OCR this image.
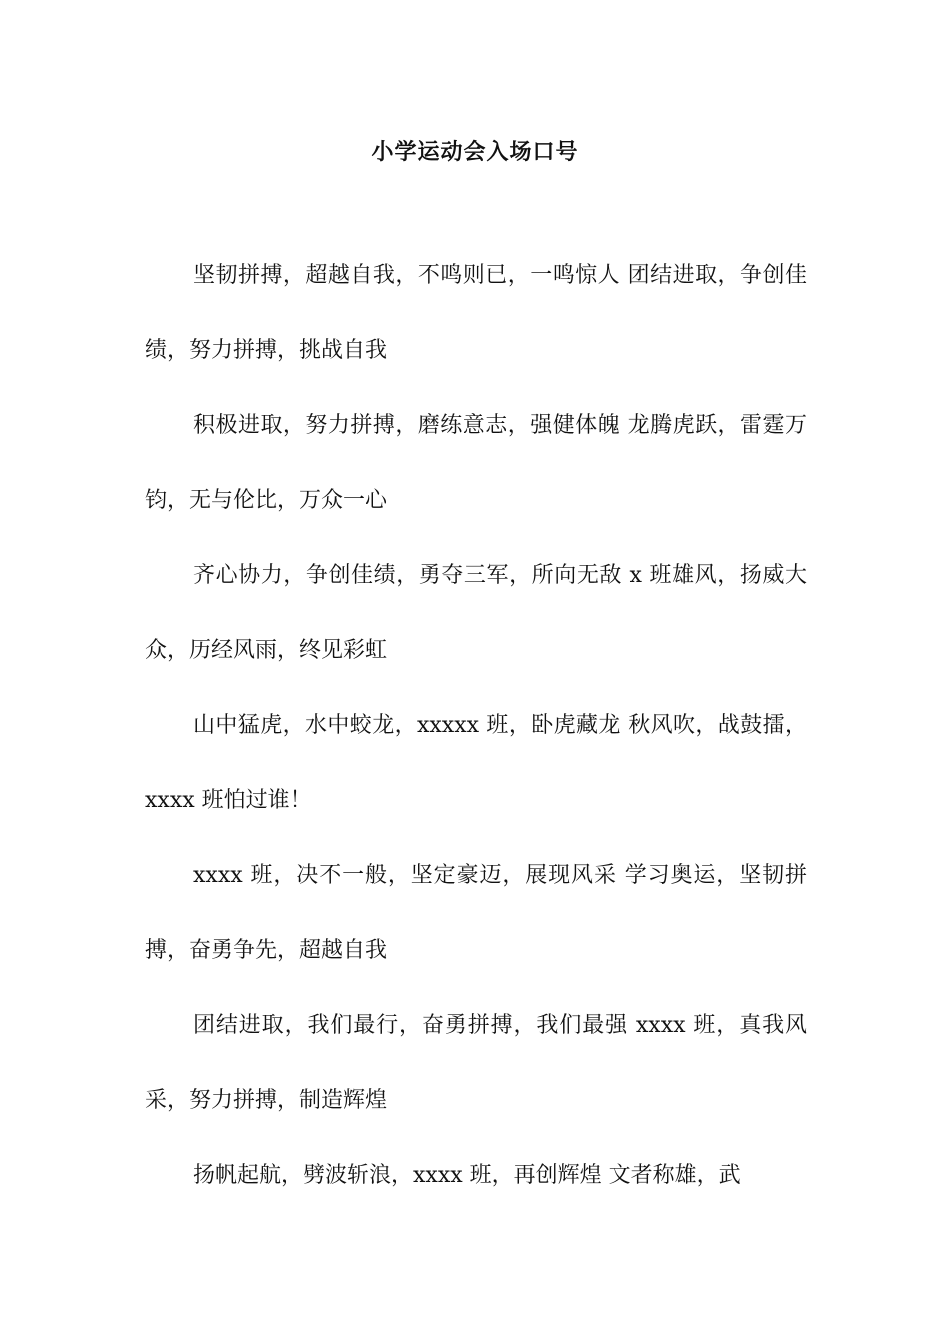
小学运动会入场口号

坚韧拼搏，超越自我，不鸣则已，一鸣惊人 团结进取，争创佳绩，努力拼搏，挑战自我

积极进取，努力拼搏，磨练意志，强健体魄 龙腾虎跃，雷霆万钧，无与伦比，万众一心

齐心协力，争创佳绩，勇夺三军，所向无敌 x 班雄风，扬威大众，历经风雨，终见彩虹

山中猛虎，水中蛟龙，xxxxx 班，卧虎藏龙 秋风吹，战鼓擂，xxxx 班怕过谁！

xxxx 班，决不一般，坚定豪迈，展现风采 学习奥运，坚韧拼搏，奋勇争先，超越自我

团结进取，我们最行，奋勇拼搏，我们最强 xxxx 班，真我风采，努力拼搏，制造辉煌

扬帆起航，劈波斩浪，xxxx 班，再创辉煌 文者称雄，武
